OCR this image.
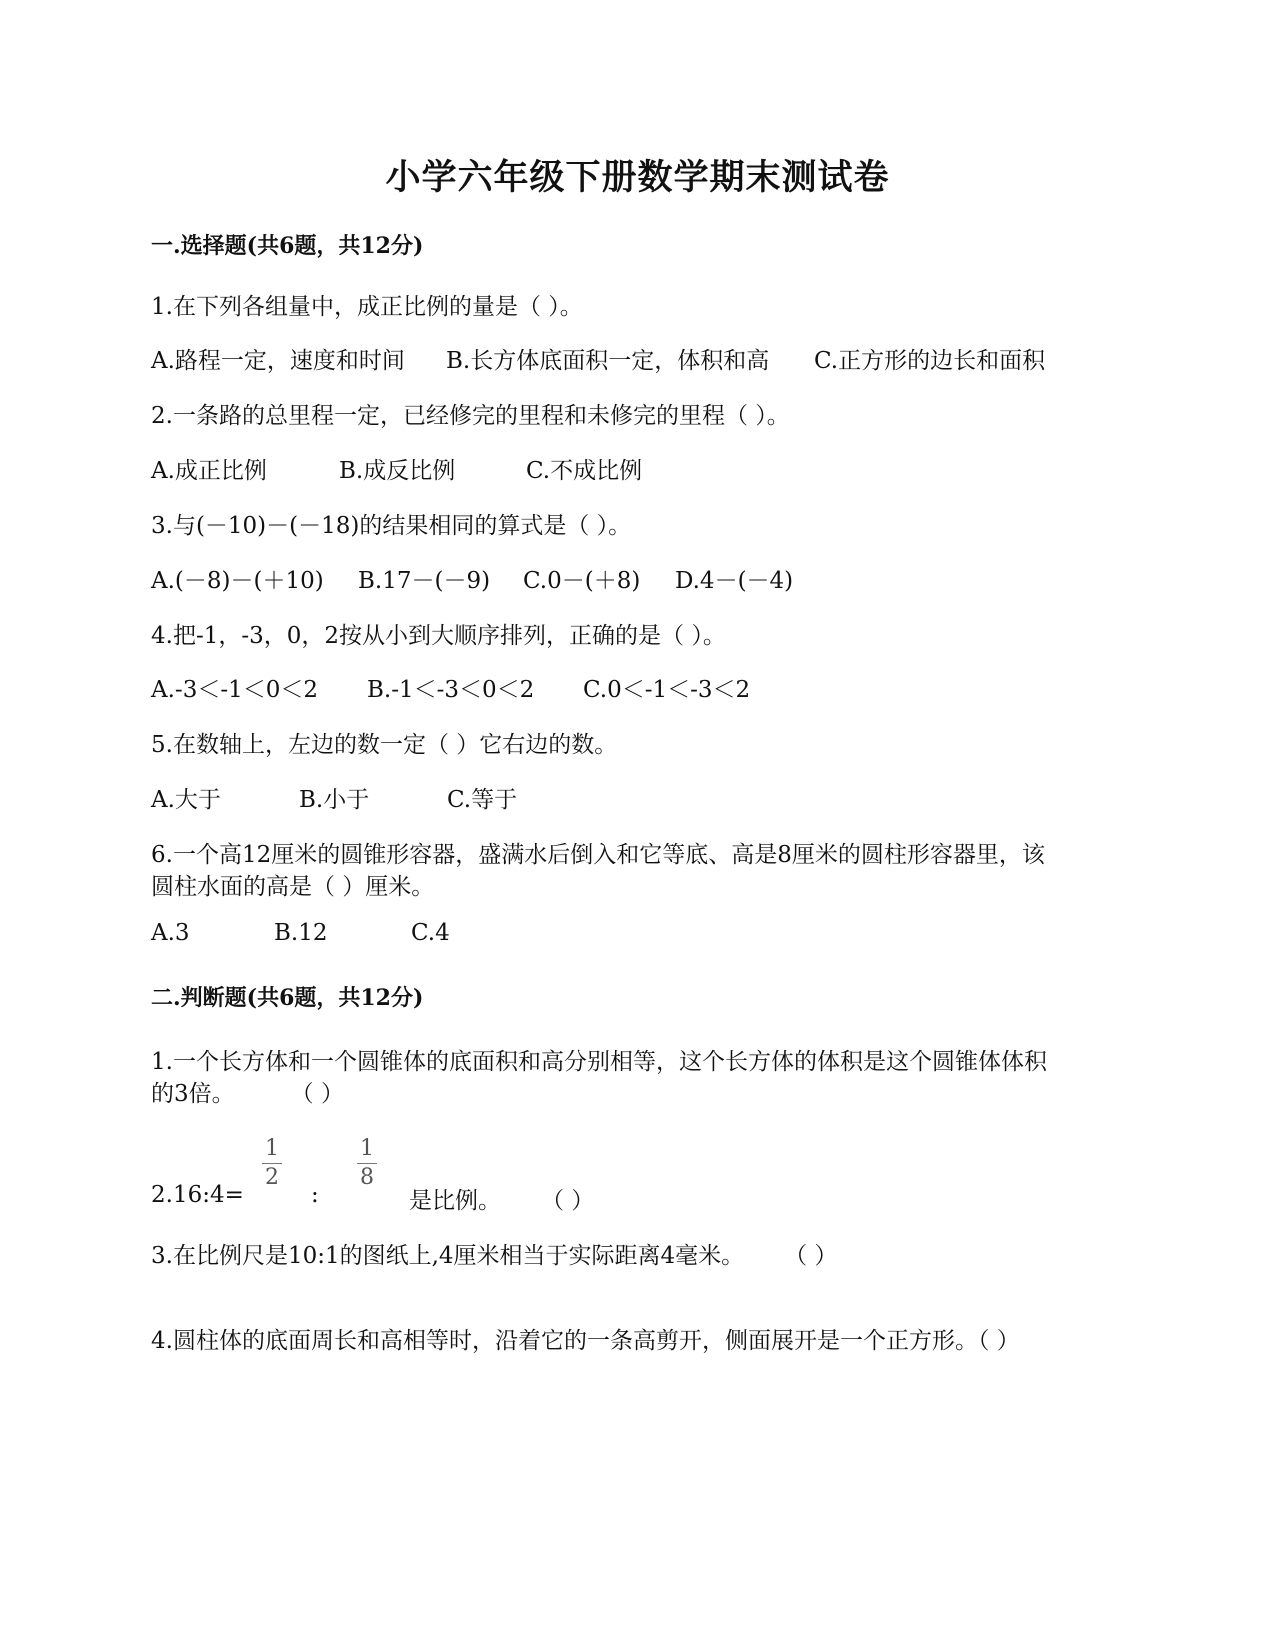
小学六年级下册数学期末测试卷
一.选择题(共6题，共12分)
1.在下列各组量中，成正比例的量是（ ）。
A.路程一定，速度和时间 B.长方体底面积一定，体积和高 C.正方形的边长和面积
2.一条路的总里程一定，已经修完的里程和未修完的里程（ ）。
A.成正比例	B.成反比例	C.不成比例
3.与(－10)－(－18)的结果相同的算式是（ ）。
A.(－8)－(＋10) B.17－(－9) C.0－(＋8) D.4－(－4)
4.把-1，-3，0，2按从小到大顺序排列，正确的是（ ）。
A.-3＜-1＜0＜2 B.-1＜-3＜0＜2 C.0＜-1＜-3＜2
5.在数轴上，左边的数一定（ ）它右边的数。
A.大于	B.小于	C.等于
6.一个高12厘米的圆锥形容器，盛满水后倒入和它等底、高是8厘米的圆柱形容器里，该
圆柱水面的高是（ ）厘米。
A.3	B.12	C.4
二.判断题(共6题，共12分)
1.一个长方体和一个圆锥体的底面积和高分别相等，这个长方体的体积是这个圆锥体体积
的3倍。 （ ）
2.16:4=
1
2
:
1
8
是比例。 （ ）
3.在比例尺是10:1的图纸上,4厘米相当于实际距离4毫米。 （ ）
4.圆柱体的底面周长和高相等时，沿着它的一条高剪开，侧面展开是一个正方形。（ ）
